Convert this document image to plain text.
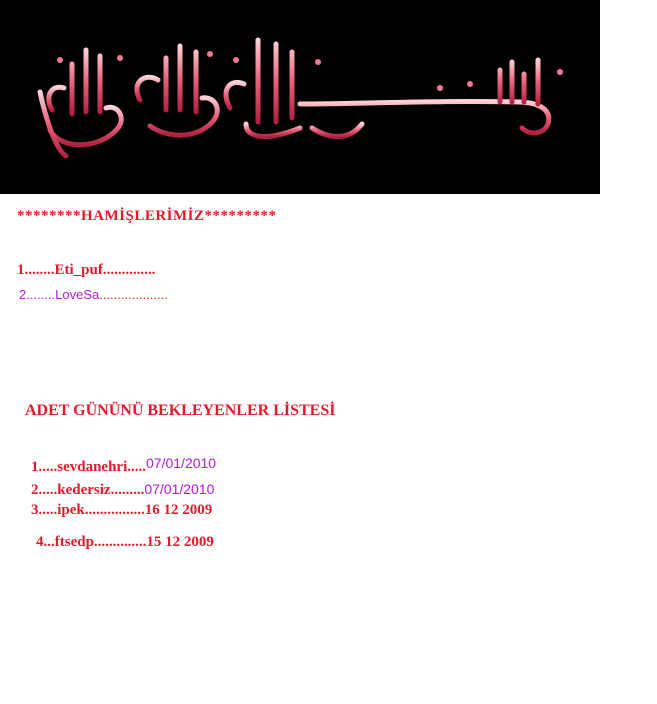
********HAMİŞLERİMİZ*********
1........Eti_puf..............
2........LoveSa...................
ADET GÜNÜNÜ BEKLEYENLER LİSTESİ
1.....sevdanehri.....07/01/2010
2.....kedersiz.........07/01/2010
3.....ipek................16 12 2009
4...ftsedp..............15 12 2009
